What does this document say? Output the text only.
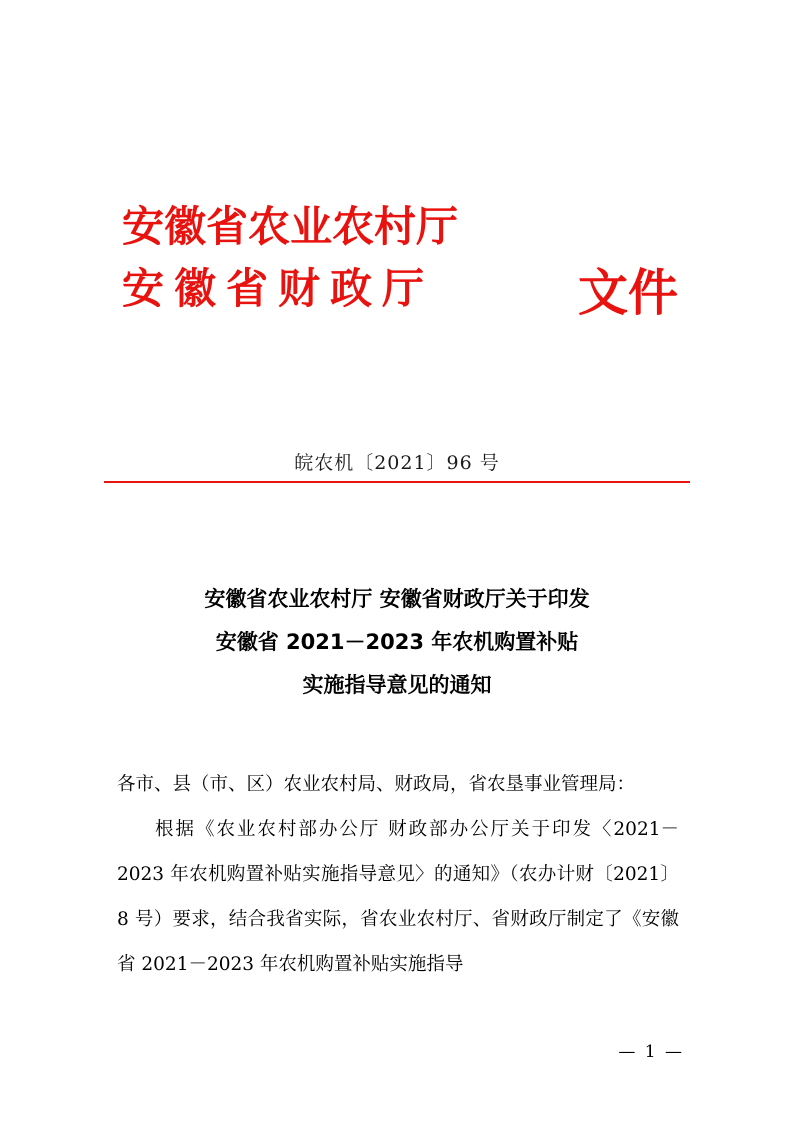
安徽省农业农村厅
安徽省财政厅	文件
皖农机〔2021〕96 号
安徽省农业农村厅 安徽省财政厅关于印发
安徽省 2021－2023 年农机购置补贴
实施指导意见的通知

各市、县（市、区）农业农村局、财政局，省农垦事业管理局：

根据《农业农村部办公厅 财政部办公厅关于印发〈2021－2023 年农机购置补贴实施指导意见〉的通知》（农办计财〔2021〕8 号）要求，结合我省实际，省农业农村厅、省财政厅制定了《安徽省 2021－2023 年农机购置补贴实施指导

— 1 —
